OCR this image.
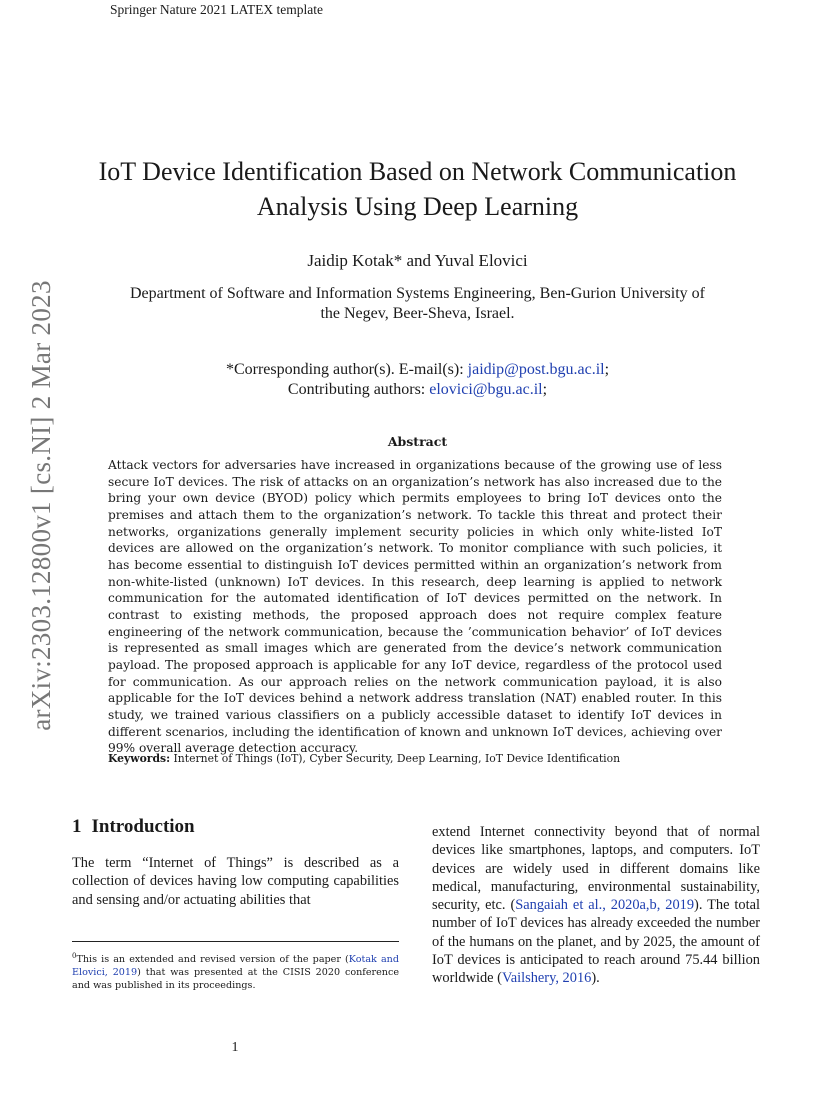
Springer Nature 2021 LATEX template
arXiv:2303.12800v1 [cs.NI] 2 Mar 2023
IoT Device Identification Based on Network Communication
Analysis Using Deep Learning
Jaidip Kotak* and Yuval Elovici
Department of Software and Information Systems Engineering, Ben-Gurion University of
the Negev, Beer-Sheva, Israel.
*Corresponding author(s). E-mail(s): jaidip@post.bgu.ac.il;
Contributing authors: elovici@bgu.ac.il;
Abstract
Attack vectors for adversaries have increased in organizations because of the growing use of less secure IoT devices. The risk of attacks on an organization’s network has also increased due to the bring your own device (BYOD) policy which permits employees to bring IoT devices onto the premises and attach them to the organization’s network. To tackle this threat and protect their networks, organizations generally implement security policies in which only white-listed IoT devices are allowed on the organization’s network. To monitor compliance with such policies, it has become essential to distinguish IoT devices permitted within an organization’s network from non-white-listed (unknown) IoT devices. In this research, deep learning is applied to network communication for the automated identification of IoT devices permitted on the network. In contrast to existing methods, the proposed approach does not require complex feature engineering of the network communication, because the ’communication behavior’ of IoT devices is represented as small images which are generated from the device’s network communication payload. The proposed approach is applicable for any IoT device, regardless of the protocol used for communication. As our approach relies on the network communication payload, it is also applicable for the IoT devices behind a network address translation (NAT) enabled router. In this study, we trained various classifiers on a publicly accessible dataset to identify IoT devices in different scenarios, including the identification of known and unknown IoT devices, achieving over 99% overall average detection accuracy.
Keywords: Internet of Things (IoT), Cyber Security, Deep Learning, IoT Device Identification
1 Introduction
The term “Internet of Things” is described as a collection of devices having low computing capabilities and sensing and/or actuating abilities that
extend Internet connectivity beyond that of normal devices like smartphones, laptops, and computers. IoT devices are widely used in different domains like medical, manufacturing, environmental sustainability, security, etc. (Sangaiah et al., 2020a,b, 2019). The total number of IoT devices has already exceeded the number of the humans on the planet, and by 2025, the amount of IoT devices is anticipated to reach around 75.44 billion worldwide (Vailshery, 2016).
$^0$This is an extended and revised version of the paper (Kotak and Elovici, 2019) that was presented at the CISIS 2020 conference and was published in its proceedings.
1
